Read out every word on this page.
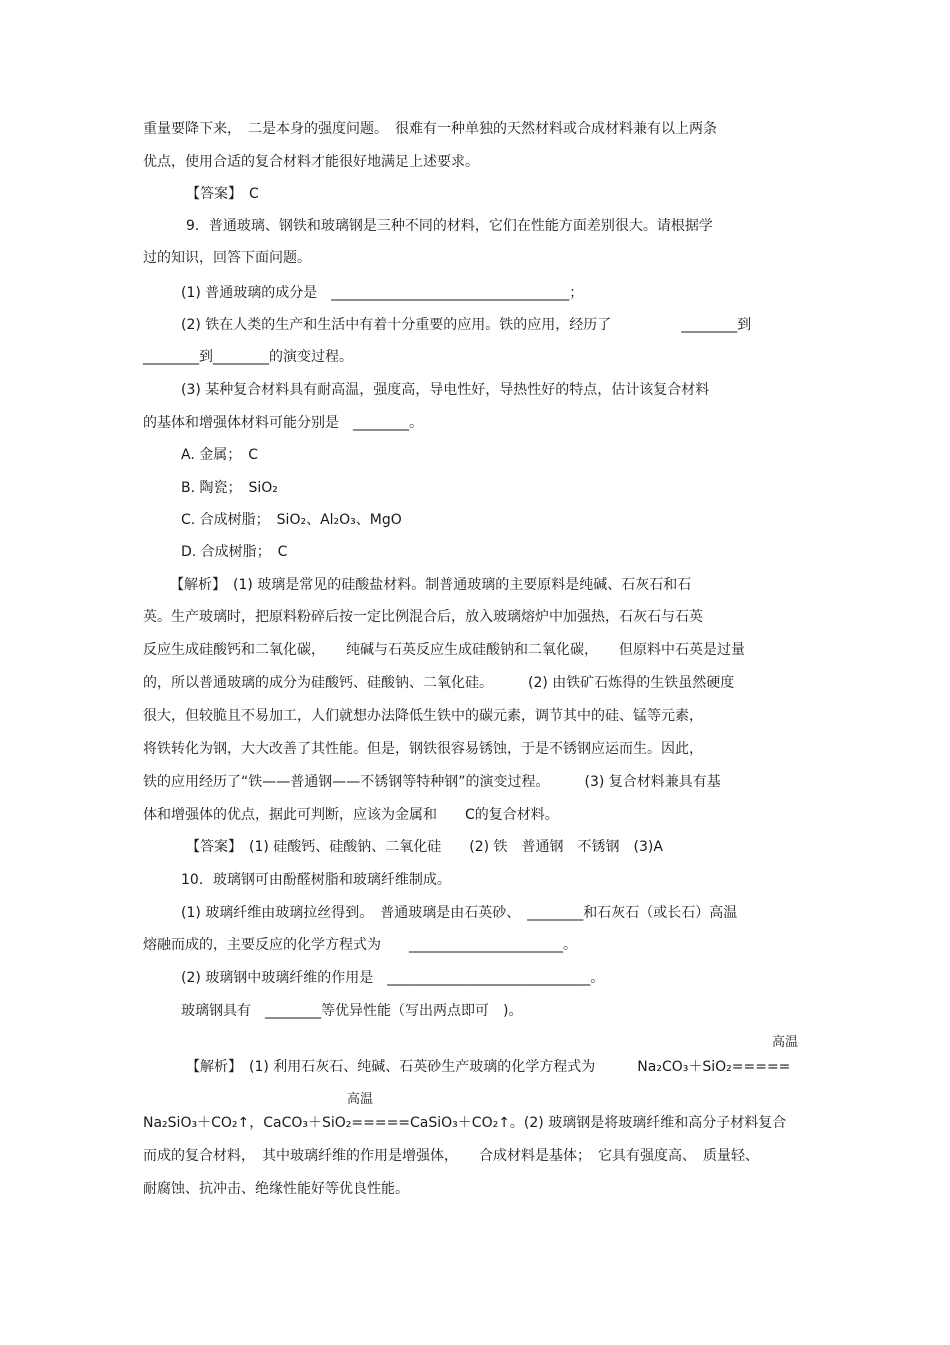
重量要降下来，　二是本身的强度问题。　很难有一种单独的天然材料或合成材料兼有以上两条
优点，使用合适的复合材料才能很好地满足上述要求。
【答案】　C
9．普通玻璃、钢铁和玻璃钢是三种不同的材料，它们在性能方面差别很大。请根据学
过的知识，回答下面问题。
(1) 普通玻璃的成分是　__________________________________；
(2) 铁在人类的生产和生活中有着十分重要的应用。铁的应用，经历了　　　　　________到
________到________的演变过程。
(3) 某种复合材料具有耐高温，强度高，导电性好，导热性好的特点，估计该复合材料
的基体和增强体材料可能分别是　________。
A. 金属；　C
B. 陶瓷；　SiO₂
C. 合成树脂；　SiO₂、Al₂O₃、MgO
D. 合成树脂；　C
【解析】　(1) 玻璃是常见的硅酸盐材料。制普通玻璃的主要原料是纯碱、石灰石和石
英。生产玻璃时，把原料粉碎后按一定比例混合后，放入玻璃熔炉中加强热，石灰石与石英
反应生成硅酸钙和二氧化碳，　　纯碱与石英反应生成硅酸钠和二氧化碳，　　但原料中石英是过量
的，所以普通玻璃的成分为硅酸钙、硅酸钠、二氧化硅。　　　(2) 由铁矿石炼得的生铁虽然硬度
很大，但较脆且不易加工，人们就想办法降低生铁中的碳元素，调节其中的硅、锰等元素，
将铁转化为钢，大大改善了其性能。但是，钢铁很容易锈蚀，于是不锈钢应运而生。因此，
铁的应用经历了“铁——普通钢——不锈钢等特种钢”的演变过程。　　　(3) 复合材料兼具有基
体和增强体的优点，据此可判断，应该为金属和　　C的复合材料。
【答案】　(1) 硅酸钙、硅酸钠、二氧化硅　　(2) 铁　普通钢　不锈钢　(3)A
10．玻璃钢可由酚醛树脂和玻璃纤维制成。
(1) 玻璃纤维由玻璃拉丝得到。　普通玻璃是由石英砂、　________和石灰石（或长石）高温
熔融而成的，主要反应的化学方程式为　　______________________。
(2) 玻璃钢中玻璃纤维的作用是　_____________________________。
玻璃钢具有　________等优异性能（写出两点即可　)。
高温
【解析】　(1) 利用石灰石、纯碱、石英砂生产玻璃的化学方程式为　　　Na₂CO₃＋SiO₂=====
高温
Na₂SiO₃＋CO₂↑，CaCO₃＋SiO₂=====CaSiO₃＋CO₂↑。(2) 玻璃钢是将玻璃纤维和高分子材料复合
而成的复合材料，　其中玻璃纤维的作用是增强体，　　合成材料是基体；　它具有强度高、　质量轻、
耐腐蚀、抗冲击、绝缘性能好等优良性能。
